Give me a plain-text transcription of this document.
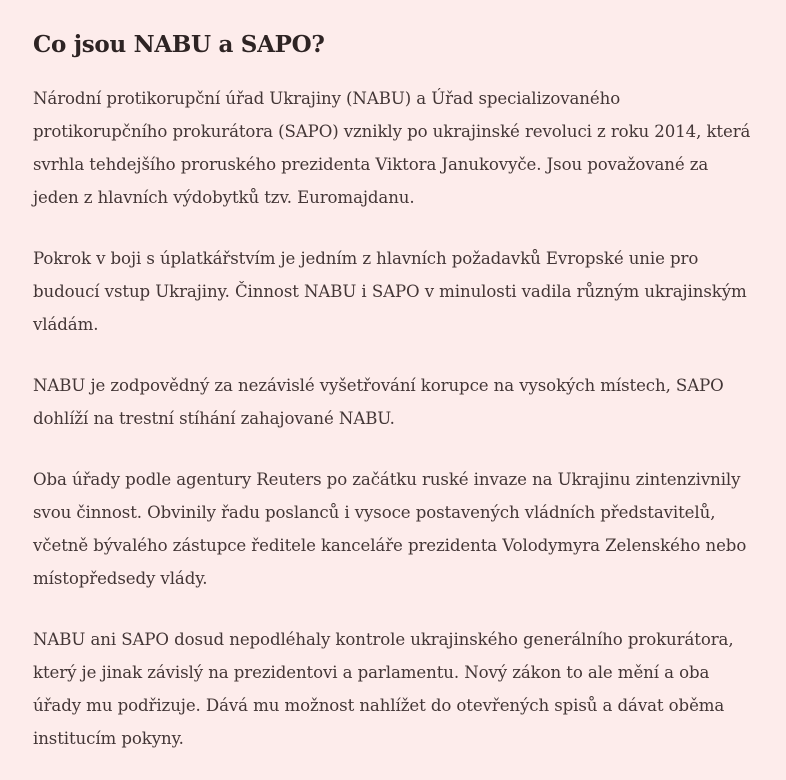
Co jsou NABU a SAPO?

Národní protikorupční úřad Ukrajiny (NABU) a Úřad specializovaného protikorupčního prokurátora (SAPO) vznikly po ukrajinské revoluci z roku 2014, která svrhla tehdejšího proruského prezidenta Viktora Janukovyče. Jsou považované za jeden z hlavních výdobytků tzv. Euromajdanu.

Pokrok v boji s úplatkářstvím je jedním z hlavních požadavků Evropské unie pro budoucí vstup Ukrajiny. Činnost NABU i SAPO v minulosti vadila různým ukrajinským vládám.

NABU je zodpovědný za nezávislé vyšetřování korupce na vysokých místech, SAPO dohlíží na trestní stíhání zahajované NABU.

Oba úřady podle agentury Reuters po začátku ruské invaze na Ukrajinu zintenzivnily svou činnost. Obvinily řadu poslanců i vysoce postavených vládních představitelů, včetně bývalého zástupce ředitele kanceláře prezidenta Volodymyra Zelenského nebo místopředsedy vlády.

NABU ani SAPO dosud nepodléhaly kontrole ukrajinského generálního prokurátora, který je jinak závislý na prezidentovi a parlamentu. Nový zákon to ale mění a oba úřady mu podřizuje. Dává mu možnost nahlížet do otevřených spisů a dávat oběma institucím pokyny.
